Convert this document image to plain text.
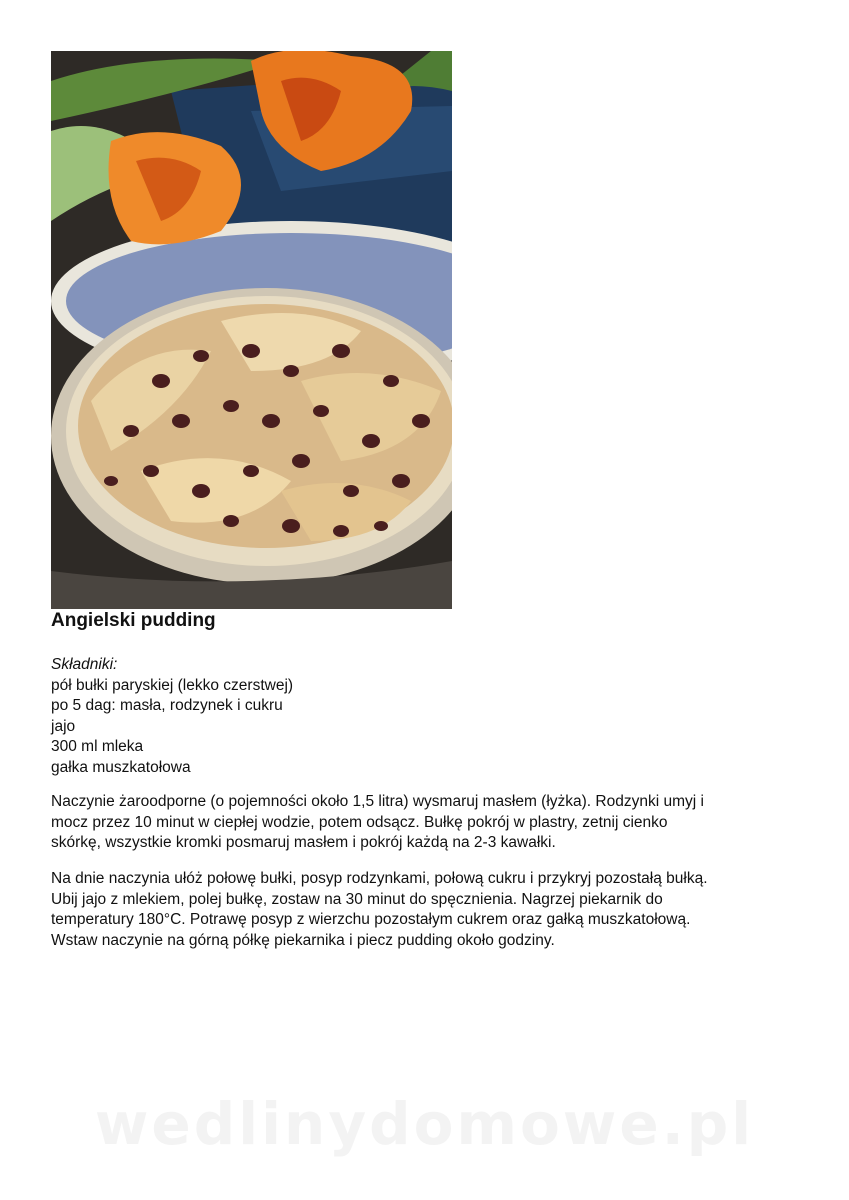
Angielski pudding
Składniki:
pół bułki paryskiej (lekko czerstwej)
po 5 dag: masła, rodzynek i cukru
jajo
300 ml mleka
gałka muszkatołowa
Naczynie żaroodporne (o pojemności około 1,5 litra) wysmaruj masłem (łyżka). Rodzynki umyj i
mocz przez 10 minut w ciepłej wodzie, potem odsącz. Bułkę pokrój w plastry, zetnij cienko
skórkę, wszystkie kromki posmaruj masłem i pokrój każdą na 2-3 kawałki.
Na dnie naczynia ułóż połowę bułki, posyp rodzynkami, połową cukru i przykryj pozostałą bułką.
Ubij jajo z mlekiem, polej bułkę, zostaw na 30 minut do spęcznienia. Nagrzej piekarnik do
temperatury 180°C. Potrawę posyp z wierzchu pozostałym cukrem oraz gałką muszkatołową.
Wstaw naczynie na górną półkę piekarnika i piecz pudding około godziny.
wedlinydomowe.pl
